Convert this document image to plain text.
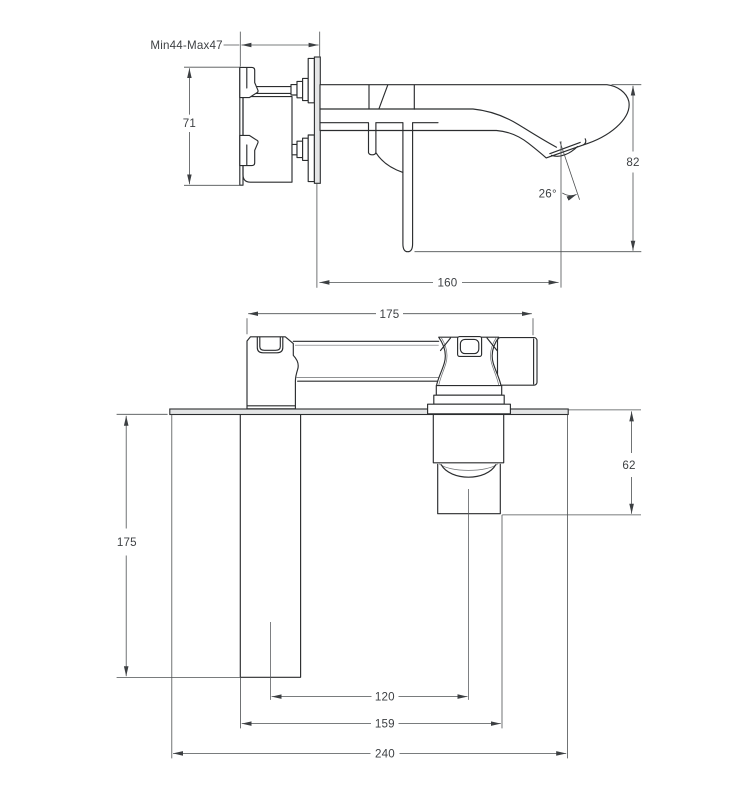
Min44-Max47
71
82
26°
160
175
62
175
120
159
240
